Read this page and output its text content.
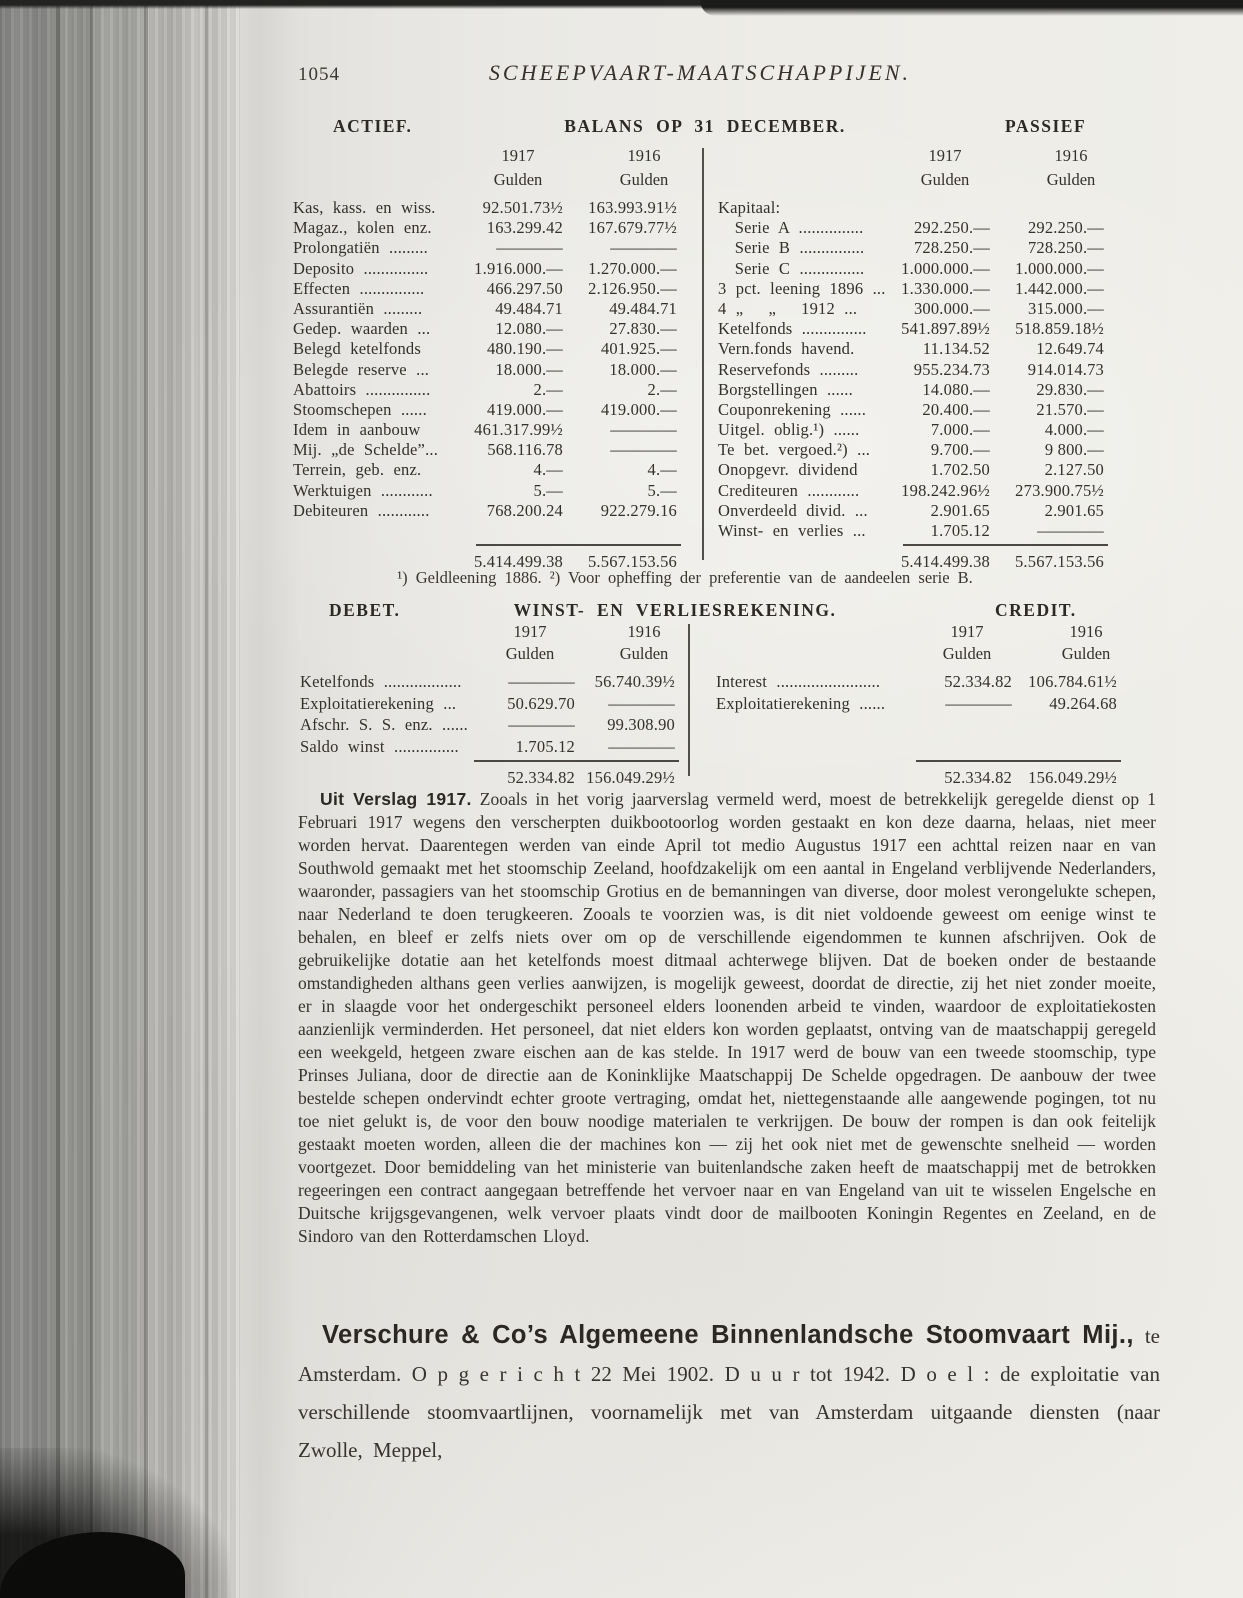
1054	SCHEEPVAART-MAATSCHAPPIJEN.
ACTIEF.	BALANS OP 31 DECEMBER.	PASSIEF
1917	1916
Gulden	Gulden
Kas, kass. en wiss.	92.501.73½ 163.993.91½
Magaz., kolen enz.	163.299.42 167.679.77½
Prolongatiën .........	————	————
Deposito ...............	1.916.000.— 1.270.000.—
Effecten ...............	466.297.50 2.126.950.—
Assurantiën .........	49.484.71	49.484.71
Gedep. waarden ...	12.080.—	27.830.—
Belegd ketelfonds	480.190.— 401.925.—
Belegde reserve ...	18.000.—	18.000.—
Abattoirs ...............	2.—	2.—
Stoomschepen ......	419.000.— 419.000.—
Idem in aanbouw	461.317.99½	————
Mij. „de Schelde”...	568.116.78	————
Terrein, geb. enz.	4.—	4.—
Werktuigen ............	5.—	5.—
Debiteuren ............	768.200.24 922.279.16
5.414.499.38 5.567.153.56
1917	1916
Gulden	Gulden
Kapitaal:
 Serie A ...............	292.250.— 292.250.—
 Serie B ...............	728.250.— 728.250.—
 Serie C ............... 1.000.000.— 1.000.000.—
3 pct. leening 1896 ... 1.330.000.— 1.442.000.—
4 „  „  1912 ...	300.000.— 315.000.—
Ketelfonds ............... 541.897.89½ 518.859.18½
Vern.fonds havend.	11.134.52	12.649.74
Reservefonds .........	955.234.73 914.014.73
Borgstellingen ......	14.080.—	29.830.—
Couponrekening ......	20.400.—	21.570.—
Uitgel. oblig.¹) ......	7.000.—	4.000.—
Te bet. vergoed.²) ...	9.700.—	9 800.—
Onopgevr. dividend	1.702.50	2.127.50
Crediteuren ............	198.242.96½ 273.900.75½
Onverdeeld divid. ...	2.901.65	2.901.65
Winst- en verlies ...	1.705.12	————
5.414.499.38 5.567.153.56
¹) Geldleening 1886. ²) Voor opheffing der preferentie van de aandeelen serie B.
DEBET.	WINST- EN VERLIESREKENING.	CREDIT.
1917	1916
Gulden	Gulden
Ketelfonds ..................	———— 56.740.39½
Exploitatierekening ...	50.629.70 ————
Afschr. S. S. enz. ...... ———— 99.308.90
Saldo winst ...............	1.705.12 ————
52.334.82 156.049.29½
1917	1916
Gulden	Gulden
Interest ........................	52.334.82 106.784.61½
Exploitatierekening ......	———— 49.264.68
52.334.82 156.049.29½

Uit Verslag 1917. Zooals in het vorig jaarverslag vermeld werd, moest de betrekkelijk geregelde dienst op 1 Februari 1917 wegens den verscherpten duikbootoorlog worden gestaakt en kon deze daarna, helaas, niet meer worden hervat. Daarentegen werden van einde April tot medio Augustus 1917 een achttal reizen naar en van Southwold gemaakt met het stoomschip Zeeland, hoofdzakelijk om een aantal in Engeland verblijvende Nederlanders, waaronder, passagiers van het stoomschip Grotius en de bemanningen van diverse, door molest verongelukte schepen, naar Nederland te doen terugkeeren. Zooals te voorzien was, is dit niet voldoende geweest om eenige winst te behalen, en bleef er zelfs niets over om op de verschillende eigendommen te kunnen afschrijven. Ook de gebruikelijke dotatie aan het ketelfonds moest ditmaal achterwege blijven. Dat de boeken onder de bestaande omstandigheden althans geen verlies aanwijzen, is mogelijk geweest, doordat de directie, zij het niet zonder moeite, er in slaagde voor het ondergeschikt personeel elders loonenden arbeid te vinden, waardoor de exploitatiekosten aanzienlijk verminderden. Het personeel, dat niet elders kon worden geplaatst, ontving van de maatschappij geregeld een weekgeld, hetgeen zware eischen aan de kas stelde. In 1917 werd de bouw van een tweede stoomschip, type Prinses Juliana, door de directie aan de Koninklijke Maatschappij De Schelde opgedragen. De aanbouw der twee bestelde schepen ondervindt echter groote vertraging, omdat het, niettegenstaande alle aangewende pogingen, tot nu toe niet gelukt is, de voor den bouw noodige materialen te verkrijgen. De bouw der rompen is dan ook feitelijk gestaakt moeten worden, alleen die der machines kon — zij het ook niet met de gewenschte snelheid — worden voortgezet. Door bemiddeling van het ministerie van buitenlandsche zaken heeft de maatschappij met de betrokken regeeringen een contract aangegaan betreffende het vervoer naar en van Engeland van uit te wisselen Engelsche en Duitsche krijgsgevangenen, welk vervoer plaats vindt door de mailbooten Koningin Regentes en Zeeland, en de Sindoro van den Rotterdamschen Lloyd.

Verschure & Co’s Algemeene Binnenlandsche Stoomvaart Mij., te Amsterdam. O p g e r i c h t 22 Mei 1902. D u u r tot 1942. D o e l : de exploitatie van verschillende stoomvaartlijnen, voornamelijk met van Amsterdam uitgaande diensten (naar Zwolle, Meppel,
